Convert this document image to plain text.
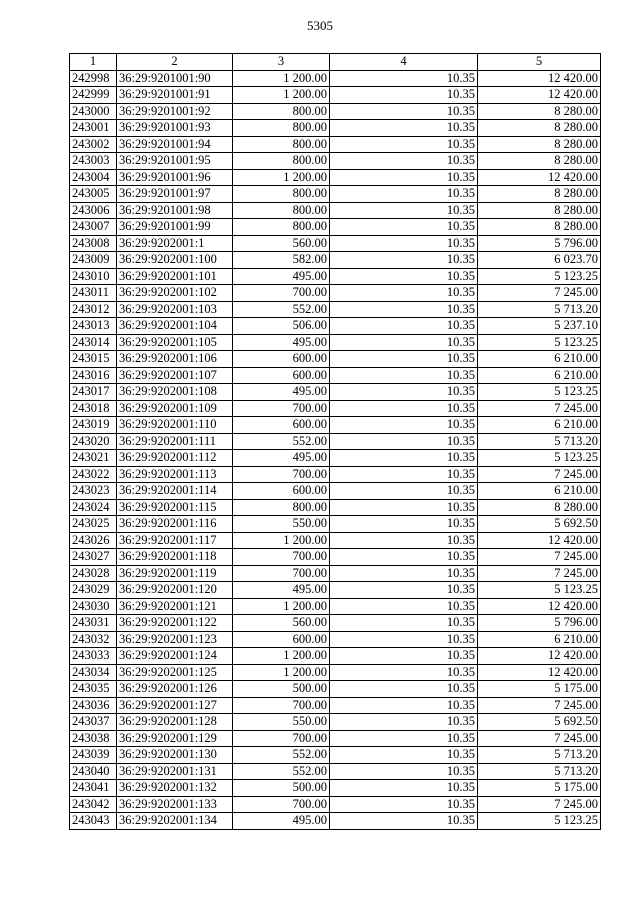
5305
1	2	3	4	5
242998	36:29:9201001:90	1 200.00	10.35	12 420.00
242999	36:29:9201001:91	1 200.00	10.35	12 420.00
243000	36:29:9201001:92	800.00	10.35	8 280.00
243001	36:29:9201001:93	800.00	10.35	8 280.00
243002	36:29:9201001:94	800.00	10.35	8 280.00
243003	36:29:9201001:95	800.00	10.35	8 280.00
243004	36:29:9201001:96	1 200.00	10.35	12 420.00
243005	36:29:9201001:97	800.00	10.35	8 280.00
243006	36:29:9201001:98	800.00	10.35	8 280.00
243007	36:29:9201001:99	800.00	10.35	8 280.00
243008	36:29:9202001:1	560.00	10.35	5 796.00
243009	36:29:9202001:100	582.00	10.35	6 023.70
243010	36:29:9202001:101	495.00	10.35	5 123.25
243011	36:29:9202001:102	700.00	10.35	7 245.00
243012	36:29:9202001:103	552.00	10.35	5 713.20
243013	36:29:9202001:104	506.00	10.35	5 237.10
243014	36:29:9202001:105	495.00	10.35	5 123.25
243015	36:29:9202001:106	600.00	10.35	6 210.00
243016	36:29:9202001:107	600.00	10.35	6 210.00
243017	36:29:9202001:108	495.00	10.35	5 123.25
243018	36:29:9202001:109	700.00	10.35	7 245.00
243019	36:29:9202001:110	600.00	10.35	6 210.00
243020	36:29:9202001:111	552.00	10.35	5 713.20
243021	36:29:9202001:112	495.00	10.35	5 123.25
243022	36:29:9202001:113	700.00	10.35	7 245.00
243023	36:29:9202001:114	600.00	10.35	6 210.00
243024	36:29:9202001:115	800.00	10.35	8 280.00
243025	36:29:9202001:116	550.00	10.35	5 692.50
243026	36:29:9202001:117	1 200.00	10.35	12 420.00
243027	36:29:9202001:118	700.00	10.35	7 245.00
243028	36:29:9202001:119	700.00	10.35	7 245.00
243029	36:29:9202001:120	495.00	10.35	5 123.25
243030	36:29:9202001:121	1 200.00	10.35	12 420.00
243031	36:29:9202001:122	560.00	10.35	5 796.00
243032	36:29:9202001:123	600.00	10.35	6 210.00
243033	36:29:9202001:124	1 200.00	10.35	12 420.00
243034	36:29:9202001:125	1 200.00	10.35	12 420.00
243035	36:29:9202001:126	500.00	10.35	5 175.00
243036	36:29:9202001:127	700.00	10.35	7 245.00
243037	36:29:9202001:128	550.00	10.35	5 692.50
243038	36:29:9202001:129	700.00	10.35	7 245.00
243039	36:29:9202001:130	552.00	10.35	5 713.20
243040	36:29:9202001:131	552.00	10.35	5 713.20
243041	36:29:9202001:132	500.00	10.35	5 175.00
243042	36:29:9202001:133	700.00	10.35	7 245.00
243043	36:29:9202001:134	495.00	10.35	5 123.25
